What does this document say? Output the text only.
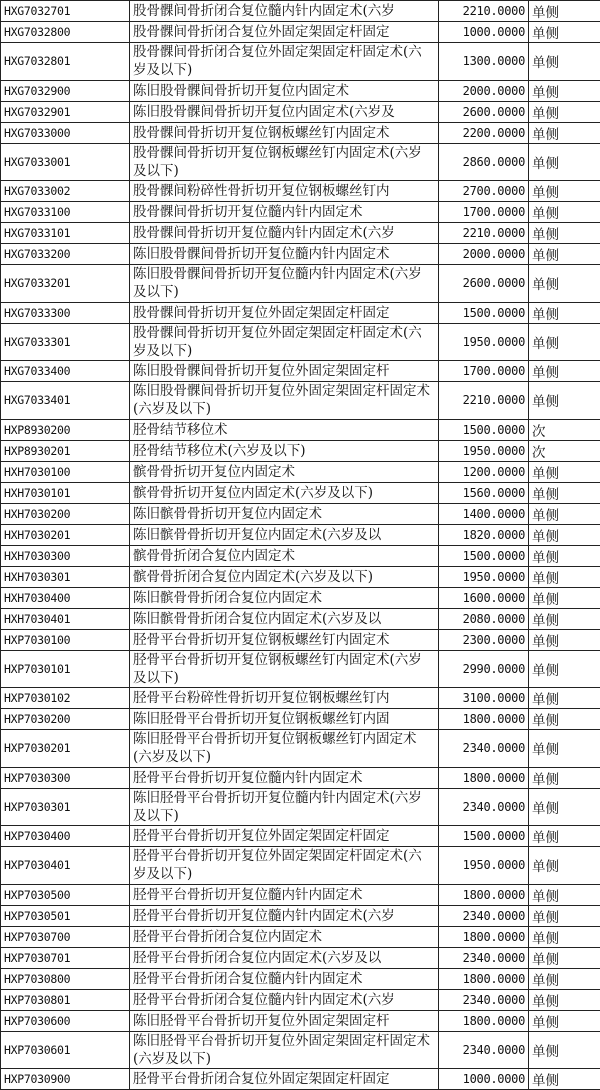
HXG7032701	股骨髁间骨折闭合复位髓内针内固定术(六岁	2210.0000	单侧
HXG7032800	股骨髁间骨折闭合复位外固定架固定杆固定	1000.0000	单侧
HXG7032801	股骨髁间骨折闭合复位外固定架固定杆固定术(六岁及以下)	1300.0000	单侧
HXG7032900	陈旧股骨髁间骨折切开复位内固定术	2000.0000	单侧
HXG7032901	陈旧股骨髁间骨折切开复位内固定术(六岁及	2600.0000	单侧
HXG7033000	股骨髁间骨折切开复位钢板螺丝钉内固定术	2200.0000	单侧
HXG7033001	股骨髁间骨折切开复位钢板螺丝钉内固定术(六岁及以下)	2860.0000	单侧
HXG7033002	股骨髁间粉碎性骨折切开复位钢板螺丝钉内	2700.0000	单侧
HXG7033100	股骨髁间骨折切开复位髓内针内固定术	1700.0000	单侧
HXG7033101	股骨髁间骨折切开复位髓内针内固定术(六岁	2210.0000	单侧
HXG7033200	陈旧股骨髁间骨折切开复位髓内针内固定术	2000.0000	单侧
HXG7033201	陈旧股骨髁间骨折切开复位髓内针内固定术(六岁及以下)	2600.0000	单侧
HXG7033300	股骨髁间骨折切开复位外固定架固定杆固定	1500.0000	单侧
HXG7033301	股骨髁间骨折切开复位外固定架固定杆固定术(六岁及以下)	1950.0000	单侧
HXG7033400	陈旧股骨髁间骨折切开复位外固定架固定杆	1700.0000	单侧
HXG7033401	陈旧股骨髁间骨折切开复位外固定架固定杆固定术(六岁及以下)	2210.0000	单侧
HXP8930200	胫骨结节移位术	1500.0000	次
HXP8930201	胫骨结节移位术(六岁及以下)	1950.0000	次
HXH7030100	髌骨骨折切开复位内固定术	1200.0000	单侧
HXH7030101	髌骨骨折切开复位内固定术(六岁及以下)	1560.0000	单侧
HXH7030200	陈旧髌骨骨折切开复位内固定术	1400.0000	单侧
HXH7030201	陈旧髌骨骨折切开复位内固定术(六岁及以	1820.0000	单侧
HXH7030300	髌骨骨折闭合复位内固定术	1500.0000	单侧
HXH7030301	髌骨骨折闭合复位内固定术(六岁及以下)	1950.0000	单侧
HXH7030400	陈旧髌骨骨折闭合复位内固定术	1600.0000	单侧
HXH7030401	陈旧髌骨骨折闭合复位内固定术(六岁及以	2080.0000	单侧
HXP7030100	胫骨平台骨折切开复位钢板螺丝钉内固定术	2300.0000	单侧
HXP7030101	胫骨平台骨折切开复位钢板螺丝钉内固定术(六岁及以下)	2990.0000	单侧
HXP7030102	胫骨平台粉碎性骨折切开复位钢板螺丝钉内	3100.0000	单侧
HXP7030200	陈旧胫骨平台骨折切开复位钢板螺丝钉内固	1800.0000	单侧
HXP7030201	陈旧胫骨平台骨折切开复位钢板螺丝钉内固定术(六岁及以下)	2340.0000	单侧
HXP7030300	胫骨平台骨折切开复位髓内针内固定术	1800.0000	单侧
HXP7030301	陈旧胫骨平台骨折切开复位髓内针内固定术(六岁及以下)	2340.0000	单侧
HXP7030400	胫骨平台骨折切开复位外固定架固定杆固定	1500.0000	单侧
HXP7030401	胫骨平台骨折切开复位外固定架固定杆固定术(六岁及以下)	1950.0000	单侧
HXP7030500	胫骨平台骨折切开复位髓内针内固定术	1800.0000	单侧
HXP7030501	胫骨平台骨折切开复位髓内针内固定术(六岁	2340.0000	单侧
HXP7030700	胫骨平台骨折闭合复位内固定术	1800.0000	单侧
HXP7030701	胫骨平台骨折闭合复位内固定术(六岁及以	2340.0000	单侧
HXP7030800	胫骨平台骨折闭合复位髓内针内固定术	1800.0000	单侧
HXP7030801	胫骨平台骨折闭合复位髓内针内固定术(六岁	2340.0000	单侧
HXP7030600	陈旧胫骨平台骨折切开复位外固定架固定杆	1800.0000	单侧
HXP7030601	陈旧胫骨平台骨折切开复位外固定架固定杆固定术(六岁及以下)	2340.0000	单侧
HXP7030900	胫骨平台骨折闭合复位外固定架固定杆固定	1000.0000	单侧
